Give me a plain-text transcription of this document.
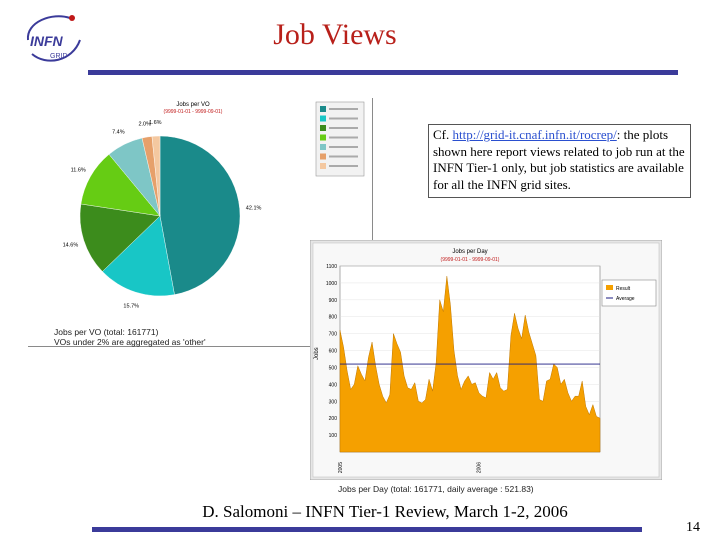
INFN
GRID
Job Views
Jobs per VO
(9999-01-01 - 9999-09-01)
42.1%
15.7%
14.6%
11.6%
7.4%
2.0%
1.6%
Jobs per VO (total: 161771)
VOs under 2% are aggregated as 'other'
Cf. http://grid-it.cnaf.infn.it/rocrep/: the plots shown here report views related to job run at the INFN Tier-1 only, but job statistics are available for all the INFN grid sites.
Jobs per Day
(9999-01-01 - 9999-09-01)
Jobs
1100
1000
900
800
700
600
500
400
300
200
100
2005	2006
Result
Average
Jobs per Day (total: 161771, daily average : 521.83)
D. Salomoni – INFN Tier-1 Review, March 1-2, 2006
14
